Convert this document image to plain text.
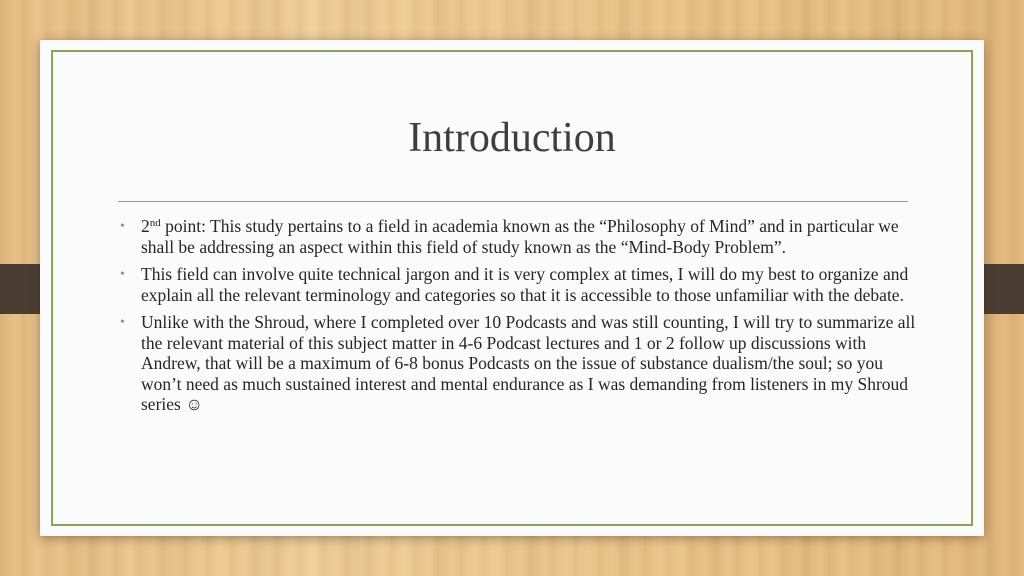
Introduction
• 2nd point: This study pertains to a field in academia known as the “Philosophy of Mind” and in particular we shall be addressing an aspect within this field of study known as the “Mind-Body Problem”.
• This field can involve quite technical jargon and it is very complex at times, I will do my best to organize and explain all the relevant terminology and categories so that it is accessible to those unfamiliar with the debate.
• Unlike with the Shroud, where I completed over 10 Podcasts and was still counting, I will try to summarize all the relevant material of this subject matter in 4-6 Podcast lectures and 1 or 2 follow up discussions with Andrew, that will be a maximum of 6-8 bonus Podcasts on the issue of substance dualism/the soul; so you won’t need as much sustained interest and mental endurance as I was demanding from listeners in my Shroud series ☺
